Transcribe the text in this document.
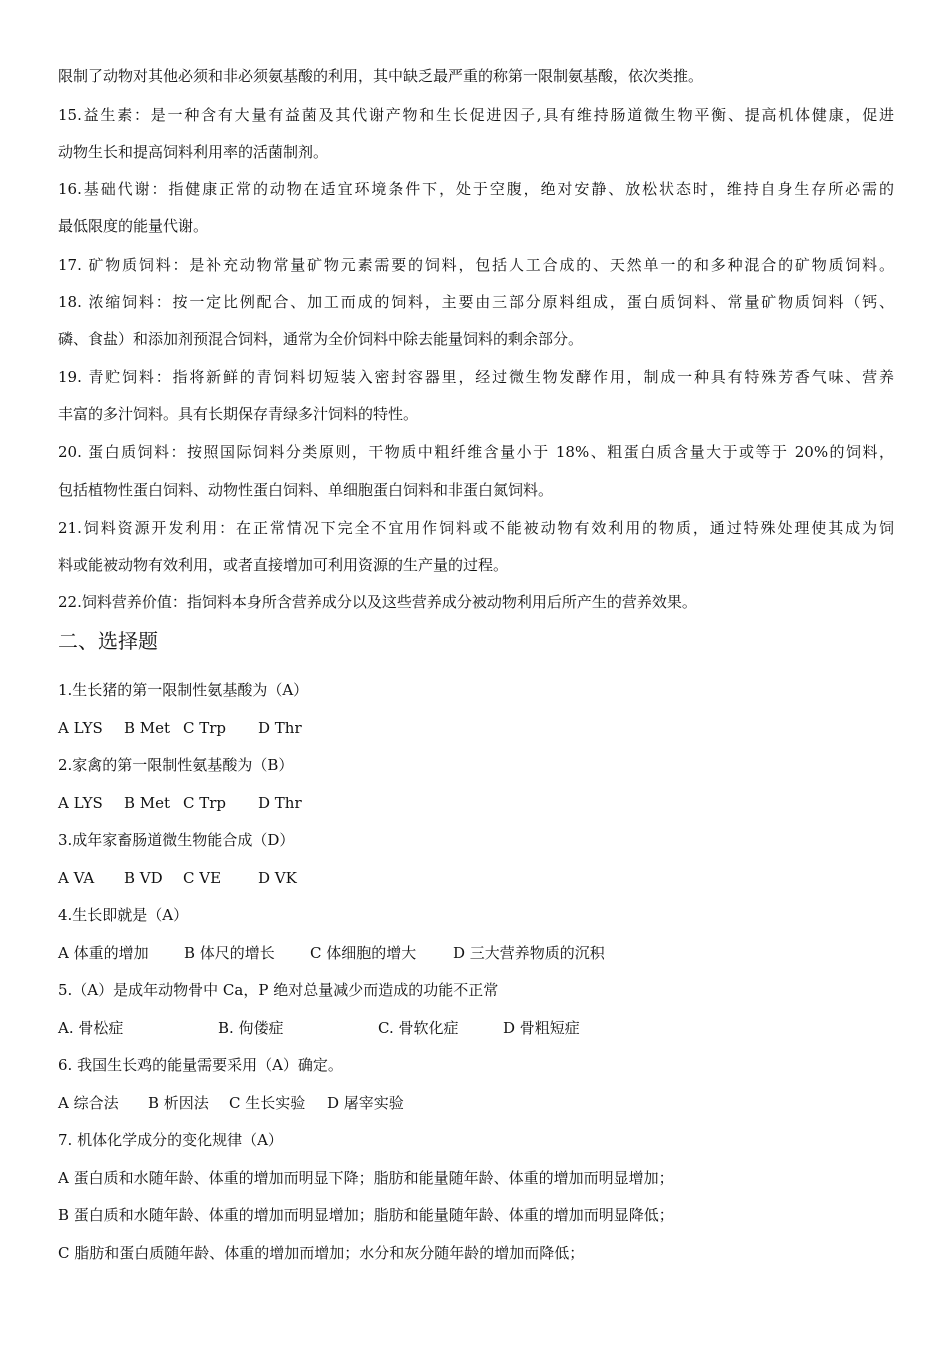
限制了动物对其他必须和非必须氨基酸的利用，其中缺乏最严重的称第一限制氨基酸，依次类推。
15.益生素：是一种含有大量有益菌及其代谢产物和生长促进因子,具有维持肠道微生物平衡、提高机体健康，促进
动物生长和提高饲料利用率的活菌制剂。
16.基础代谢：指健康正常的动物在适宜环境条件下，处于空腹，绝对安静、放松状态时，维持自身生存所必需的
最低限度的能量代谢。
17. 矿物质饲料：是补充动物常量矿物元素需要的饲料，包括人工合成的、天然单一的和多种混合的矿物质饲料。
18. 浓缩饲料：按一定比例配合、加工而成的饲料，主要由三部分原料组成，蛋白质饲料、常量矿物质饲料（钙、
磷、食盐）和添加剂预混合饲料，通常为全价饲料中除去能量饲料的剩余部分。
19. 青贮饲料：指将新鲜的青饲料切短装入密封容器里，经过微生物发酵作用，制成一种具有特殊芳香气味、营养
丰富的多汁饲料。具有长期保存青绿多汁饲料的特性。
20. 蛋白质饲料：按照国际饲料分类原则，干物质中粗纤维含量小于 18%、粗蛋白质含量大于或等于 20%的饲料，
包括植物性蛋白饲料、动物性蛋白饲料、单细胞蛋白饲料和非蛋白氮饲料。
21.饲料资源开发利用：在正常情况下完全不宜用作饲料或不能被动物有效利用的物质，通过特殊处理使其成为饲
料或能被动物有效利用，或者直接增加可利用资源的生产量的过程。
22.饲料营养价值：指饲料本身所含营养成分以及这些营养成分被动物利用后所产生的营养效果。
二、选择题
1.生长猪的第一限制性氨基酸为（A）
A LYS B Met C Trp D Thr
2.家禽的第一限制性氨基酸为（B）
A LYS B Met C Trp D Thr
3.成年家畜肠道微生物能合成（D）
A VA B VD C VE D VK
4.生长即就是（A）
A 体重的增加 B 体尺的增长 C 体细胞的增大 D 三大营养物质的沉积
5.（A）是成年动物骨中 Ca，P 绝对总量减少而造成的功能不正常
A. 骨松症	B. 佝偻症	C. 骨软化症	D 骨粗短症
6. 我国生长鸡的能量需要采用（A）确定。
A 综合法 B 析因法 C 生长实验 D 屠宰实验
7. 机体化学成分的变化规律（A）
A 蛋白质和水随年龄、体重的增加而明显下降；脂肪和能量随年龄、体重的增加而明显增加；
B 蛋白质和水随年龄、体重的增加而明显增加；脂肪和能量随年龄、体重的增加而明显降低；
C 脂肪和蛋白质随年龄、体重的增加而增加；水分和灰分随年龄的增加而降低；
